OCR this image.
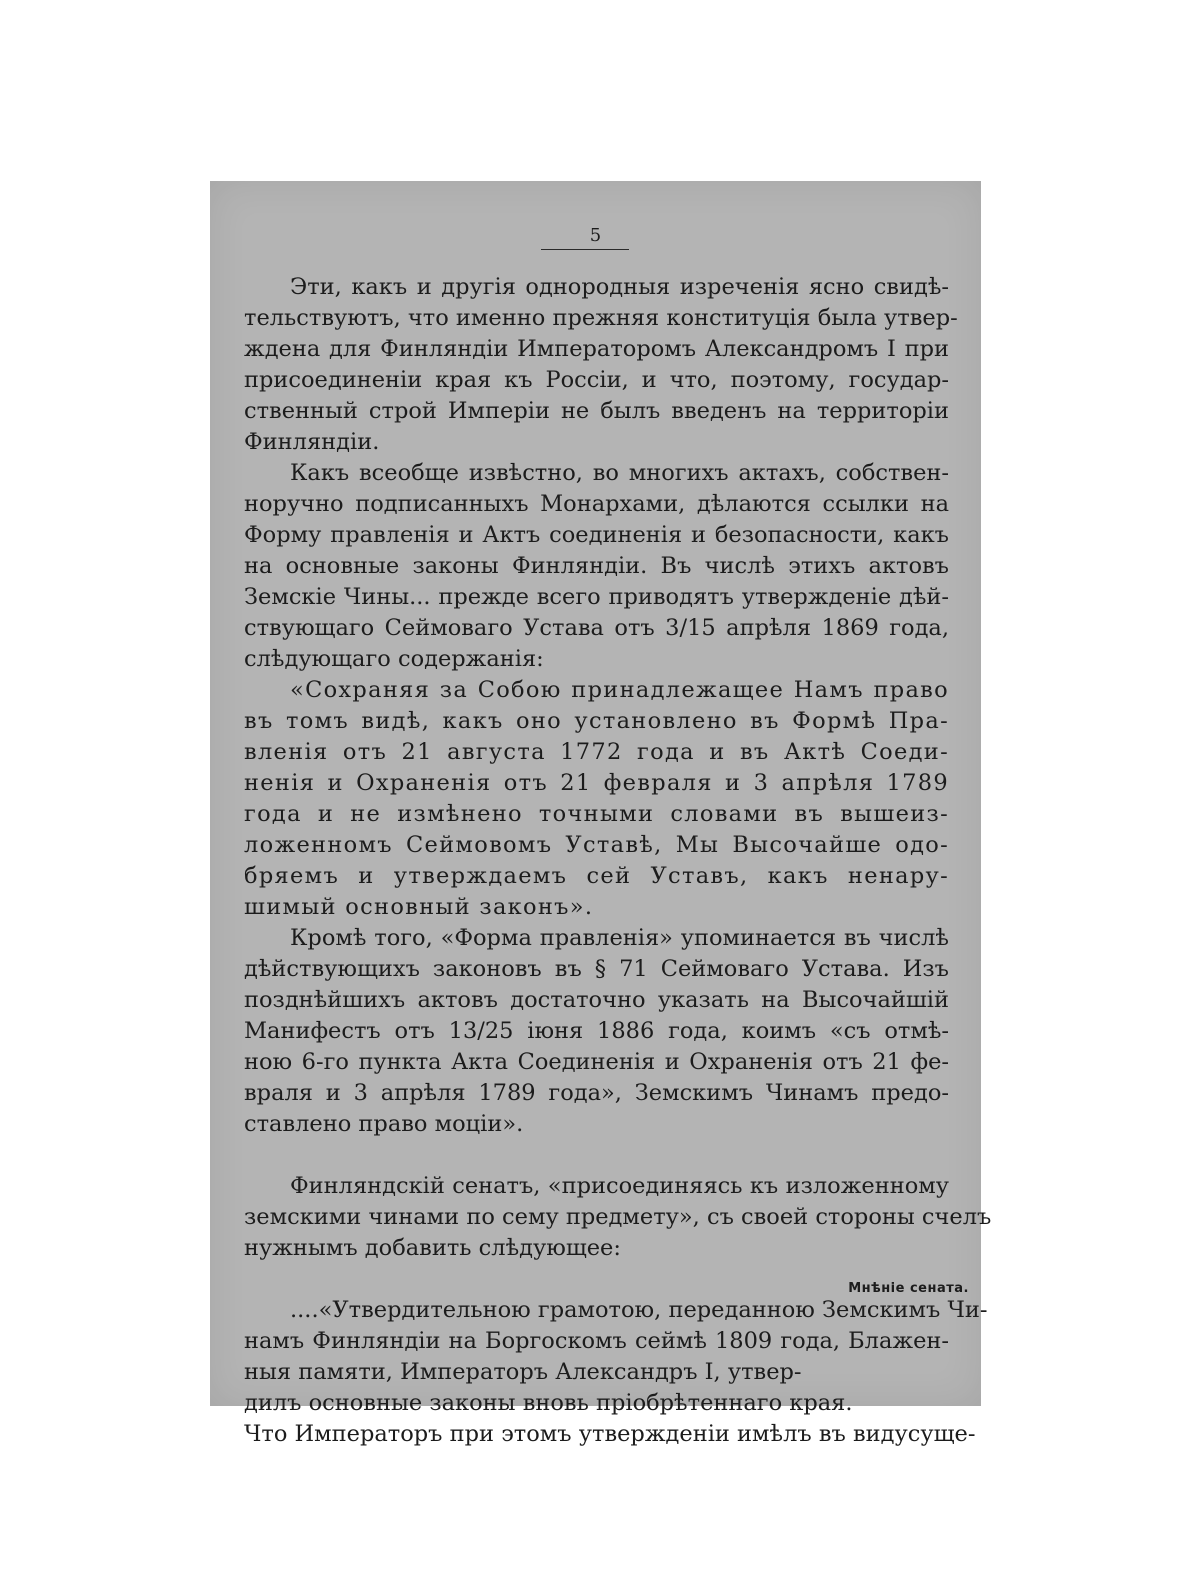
5
Эти, какъ и другія однородныя изреченія ясно свидѣ-
тельствуютъ, что именно прежняя конституція была утвер-
ждена для Финляндіи Императоромъ Александромъ I при
присоединеніи края къ Россіи, и что, поэтому, государ-
ственный строй Имперіи не былъ введенъ на территоріи
Финляндіи.
Какъ всеобще извѣстно, во многихъ актахъ, собствен-
норучно подписанныхъ Монархами, дѣлаются ссылки на
Форму правленія и Актъ соединенія и безопасности, какъ
на основные законы Финляндіи. Въ числѣ этихъ актовъ
Земскіе Чины... прежде всего приводятъ утвержденіе дѣй-
ствующаго Сеймоваго Устава отъ 3/15 апрѣля 1869 года,
слѣдующаго содержанія:
«Сохраняя за Собою принадлежащее Намъ право
въ томъ видѣ, какъ оно установлено въ Формѣ Пра-
вленія отъ 21 августа 1772 года и въ Актѣ Соеди-
ненія и Охраненія отъ 21 февраля и 3 апрѣля 1789
года и не измѣнено точными словами въ вышеиз-
ложенномъ Сеймовомъ Уставѣ, Мы Высочайше одо-
бряемъ и утверждаемъ сей Уставъ, какъ ненару-
шимый основный законъ».
Кромѣ того, «Форма правленія» упоминается въ числѣ
дѣйствующихъ законовъ въ § 71 Сеймоваго Устава. Изъ
позднѣйшихъ актовъ достаточно указать на Высочайшій
Манифестъ отъ 13/25 іюня 1886 года, коимъ «съ отмѣ-
ною 6-го пункта Акта Соединенія и Охраненія отъ 21 фе-
враля и 3 апрѣля 1789 года», Земскимъ Чинамъ предо-
ставлено право моціи».
Финляндскій сенатъ, «присоединяясь къ изложенному
земскими чинами по сему предмету», съ своей стороны счелъ
нужнымъ добавить слѣдующее:
....«Утвердительною грамотою, переданною Земскимъ Чи-
намъ Финляндіи на Боргоскомъ сеймѣ 1809 года, Блажен-
ныя памяти, Императоръ Александръ I, утвер-
дилъ основные законы вновь пріобрѣтеннаго края.
Что Императоръ при этомъ утвержденіи имѣлъ въ видусуще-
Мнѣніе сената.
